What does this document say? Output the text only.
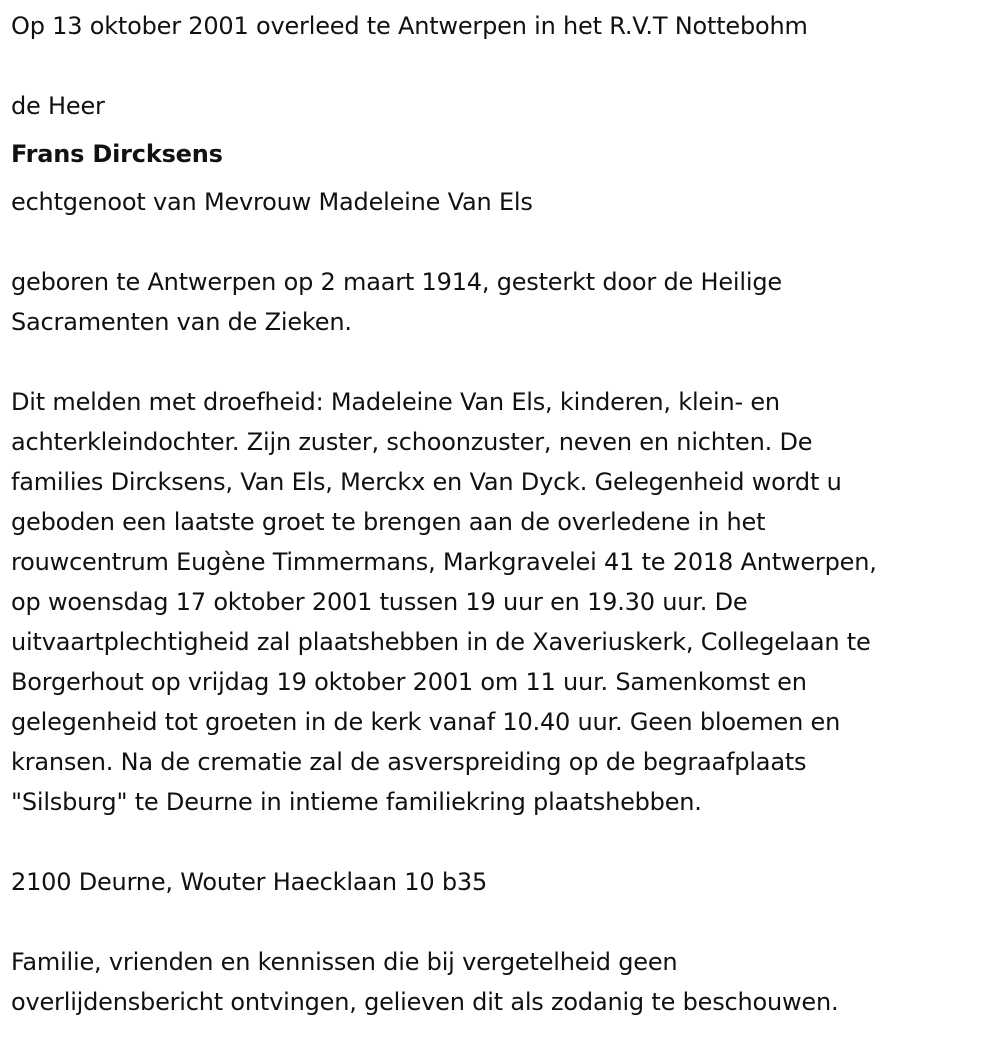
Op 13 oktober 2001 overleed te Antwerpen in het R.V.T Nottebohm
de Heer
Frans Dircksens
echtgenoot van Mevrouw Madeleine Van Els
geboren te Antwerpen op 2 maart 1914, gesterkt door de Heilige
Sacramenten van de Zieken.
Dit melden met droefheid: Madeleine Van Els, kinderen, klein- en
achterkleindochter. Zijn zuster, schoonzuster, neven en nichten. De
families Dircksens, Van Els, Merckx en Van Dyck. Gelegenheid wordt u
geboden een laatste groet te brengen aan de overledene in het
rouwcentrum Eugène Timmermans, Markgravelei 41 te 2018 Antwerpen,
op woensdag 17 oktober 2001 tussen 19 uur en 19.30 uur. De
uitvaartplechtigheid zal plaatshebben in de Xaveriuskerk, Collegelaan te
Borgerhout op vrijdag 19 oktober 2001 om 11 uur. Samenkomst en
gelegenheid tot groeten in de kerk vanaf 10.40 uur. Geen bloemen en
kransen. Na de crematie zal de asverspreiding op de begraafplaats
"Silsburg" te Deurne in intieme familiekring plaatshebben.
2100 Deurne, Wouter Haecklaan 10 b35
Familie, vrienden en kennissen die bij vergetelheid geen
overlijdensbericht ontvingen, gelieven dit als zodanig te beschouwen.
